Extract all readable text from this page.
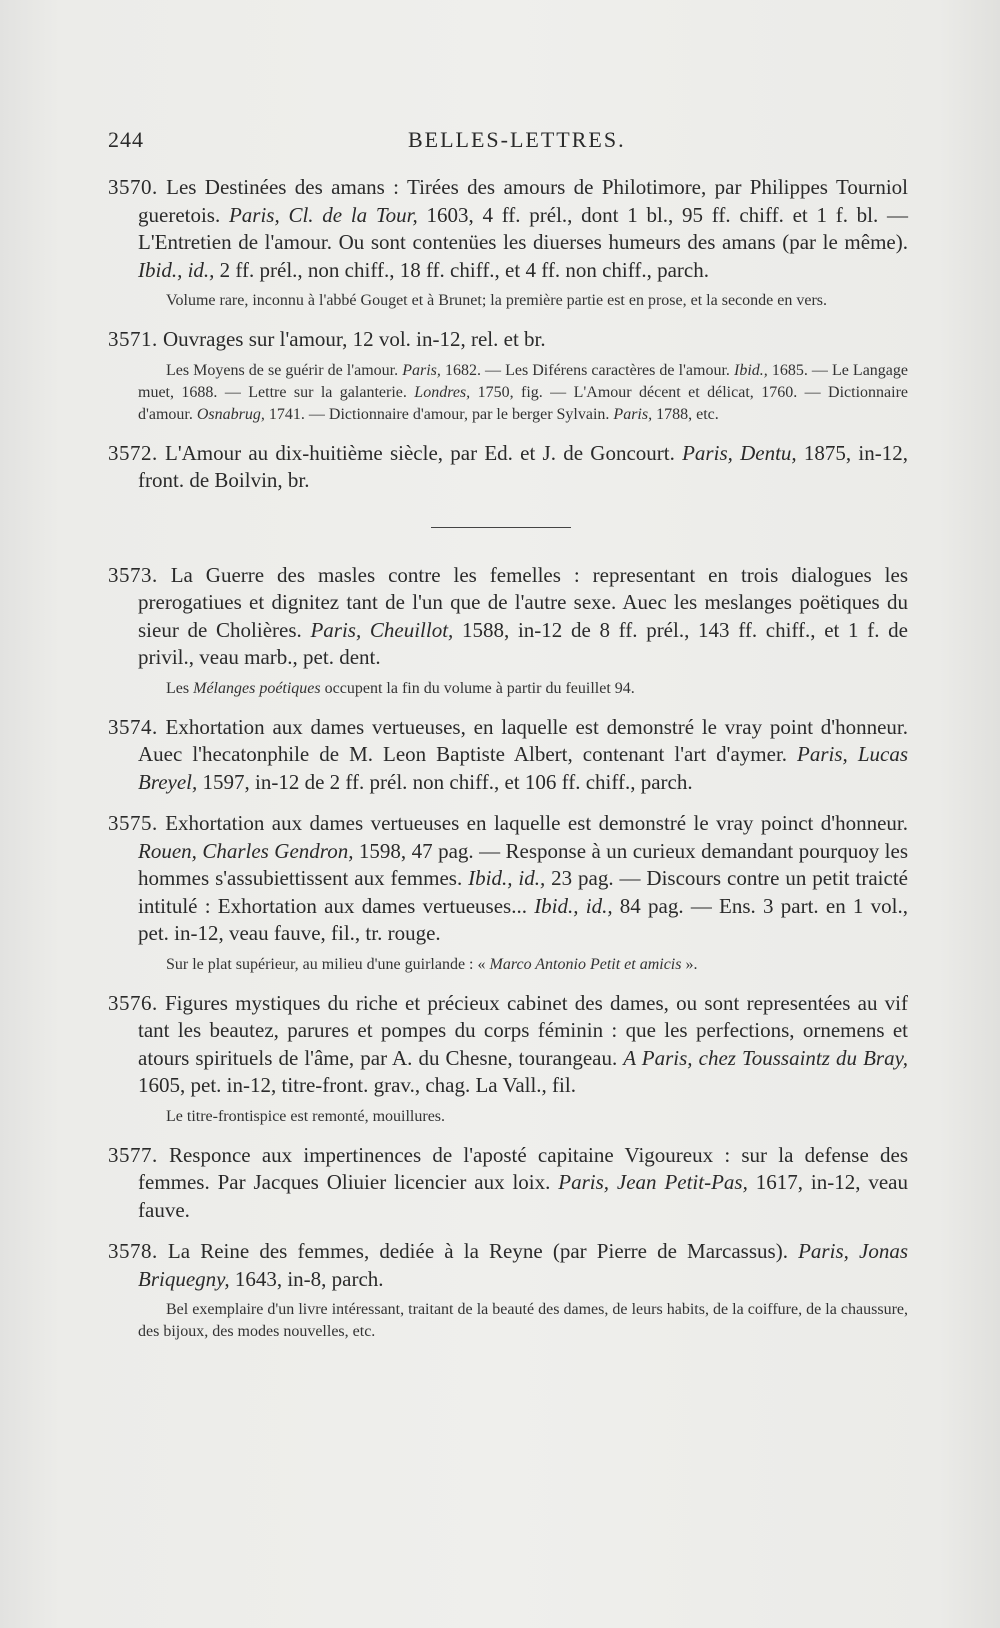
244	BELLES-LETTRES.

3570. Les Destinées des amans : Tirées des amours de Philotimore, par Philippes Tourniol gueretois. Paris, Cl. de la Tour, 1603, 4 ff. prél., dont 1 bl., 95 ff. chiff. et 1 f. bl. — L'Entretien de l'amour. Ou sont contenües les diuerses humeurs des amans (par le même). Ibid., id., 2 ff. prél., non chiff., 18 ff. chiff., et 4 ff. non chiff., parch.

Volume rare, inconnu à l'abbé Gouget et à Brunet; la première partie est en prose, et la seconde en vers.

3571. Ouvrages sur l'amour, 12 vol. in-12, rel. et br.

Les Moyens de se guérir de l'amour. Paris, 1682. — Les Diférens caractères de l'amour. Ibid., 1685. — Le Langage muet, 1688. — Lettre sur la galanterie. Londres, 1750, fig. — L'Amour décent et délicat, 1760. — Dictionnaire d'amour. Osnabrug, 1741. — Dictionnaire d'amour, par le berger Sylvain. Paris, 1788, etc.

3572. L'Amour au dix-huitième siècle, par Ed. et J. de Goncourt. Paris, Dentu, 1875, in-12, front. de Boilvin, br.

3573. La Guerre des masles contre les femelles : representant en trois dialogues les prerogatiues et dignitez tant de l'un que de l'autre sexe. Auec les meslanges poëtiques du sieur de Cholières. Paris, Cheuillot, 1588, in-12 de 8 ff. prél., 143 ff. chiff., et 1 f. de privil., veau marb., pet. dent.

Les Mélanges poétiques occupent la fin du volume à partir du feuillet 94.

3574. Exhortation aux dames vertueuses, en laquelle est demonstré le vray point d'honneur. Auec l'hecatonphile de M. Leon Baptiste Albert, contenant l'art d'aymer. Paris, Lucas Breyel, 1597, in-12 de 2 ff. prél. non chiff., et 106 ff. chiff., parch.

3575. Exhortation aux dames vertueuses en laquelle est demonstré le vray poinct d'honneur. Rouen, Charles Gendron, 1598, 47 pag. — Response à un curieux demandant pourquoy les hommes s'assubiettissent aux femmes. Ibid., id., 23 pag. — Discours contre un petit traicté intitulé : Exhortation aux dames vertueuses... Ibid., id., 84 pag. — Ens. 3 part. en 1 vol., pet. in-12, veau fauve, fil., tr. rouge.

Sur le plat supérieur, au milieu d'une guirlande : « Marco Antonio Petit et amicis ».

3576. Figures mystiques du riche et précieux cabinet des dames, ou sont representées au vif tant les beautez, parures et pompes du corps féminin : que les perfections, ornemens et atours spirituels de l'âme, par A. du Chesne, tourangeau. A Paris, chez Toussaintz du Bray, 1605, pet. in-12, titre-front. grav., chag. La Vall., fil.

Le titre-frontispice est remonté, mouillures.

3577. Responce aux impertinences de l'aposté capitaine Vigoureux : sur la defense des femmes. Par Jacques Oliuier licencier aux loix. Paris, Jean Petit-Pas, 1617, in-12, veau fauve.

3578. La Reine des femmes, dediée à la Reyne (par Pierre de Marcassus). Paris, Jonas Briquegny, 1643, in-8, parch.

Bel exemplaire d'un livre intéressant, traitant de la beauté des dames, de leurs habits, de la coiffure, de la chaussure, des bijoux, des modes nouvelles, etc.
